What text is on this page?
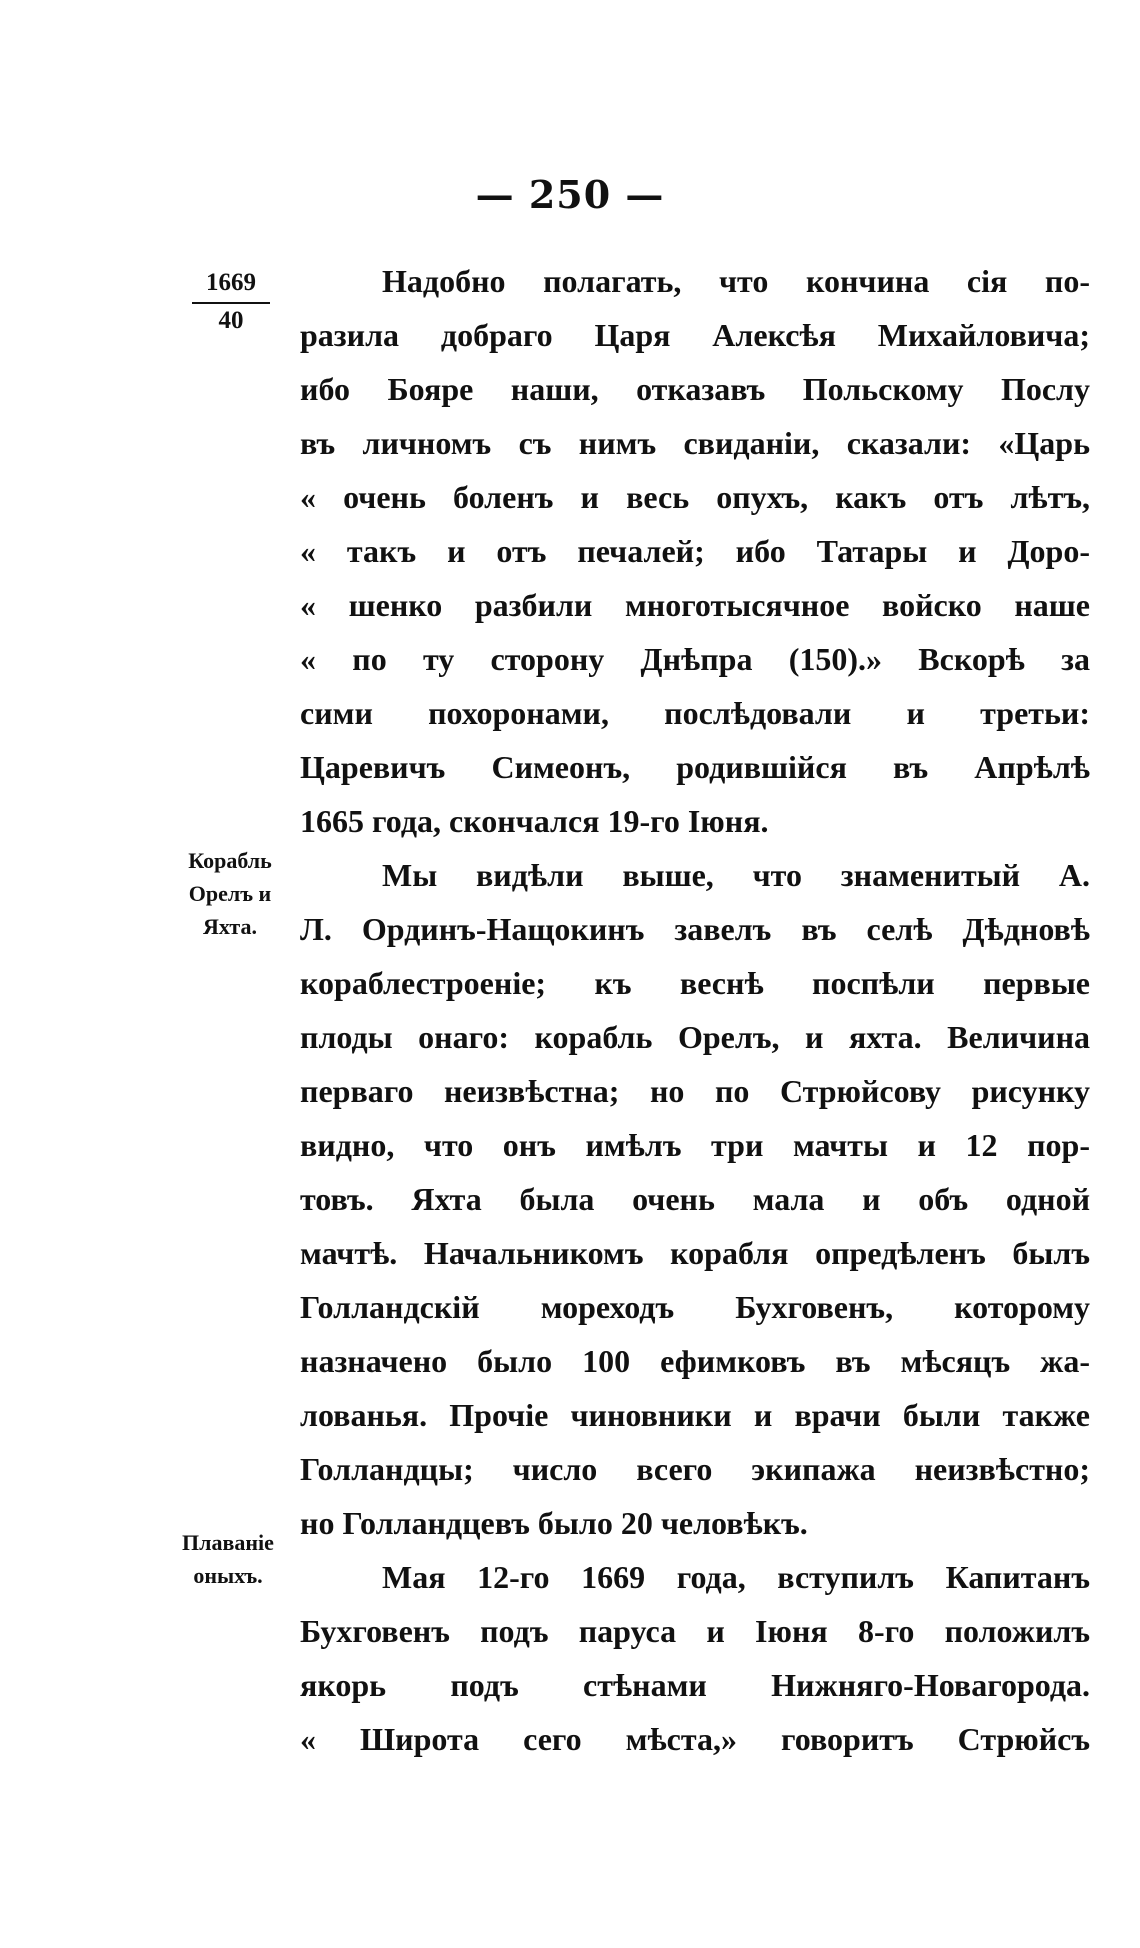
— 250 —
1669
40
Корабль
Орелъ и
Яхта.
Плаваніе
оныхъ.
Надобно полагать, что кончина сія по-
разила добраго Царя Алексѣя Михайловича;
ибо Бояре наши, отказавъ Польскому Послу
въ личномъ съ нимъ свиданіи, сказали: «Царь
« очень боленъ и весь опухъ, какъ отъ лѣтъ,
« такъ и отъ печалей; ибо Татары и Доро-
« шенко разбили многотысячное войско наше
« по ту сторону Днѣпра (150).» Вскорѣ за
сими похоронами, послѣдовали и третьи:
Царевичъ Симеонъ, родившійся въ Апрѣлѣ
1665 года, скончался 19-го Іюня.
Мы видѣли выше, что знаменитый А.
Л. Ординъ-Нащокинъ завелъ въ селѣ Дѣдновѣ
кораблестроеніе; къ веснѣ поспѣли первые
плоды онаго: корабль Орелъ, и яхта. Величина
перваго неизвѣстна; но по Стрюйсову рисунку
видно, что онъ имѣлъ три мачты и 12 пор-
товъ. Яхта была очень мала и объ одной
мачтѣ. Начальникомъ корабля опредѣленъ былъ
Голландскій мореходъ Бухговенъ, которому
назначено было 100 ефимковъ въ мѣсяцъ жа-
лованья. Прочіе чиновники и врачи были также
Голландцы; число всего экипажа неизвѣстно;
но Голландцевъ было 20 человѣкъ.
Мая 12-го 1669 года, вступилъ Капитанъ
Бухговенъ подъ паруса и Іюня 8-го положилъ
якорь подъ стѣнами Нижняго-Новагорода.
« Широта сего мѣста,» говоритъ Стрюйсъ
